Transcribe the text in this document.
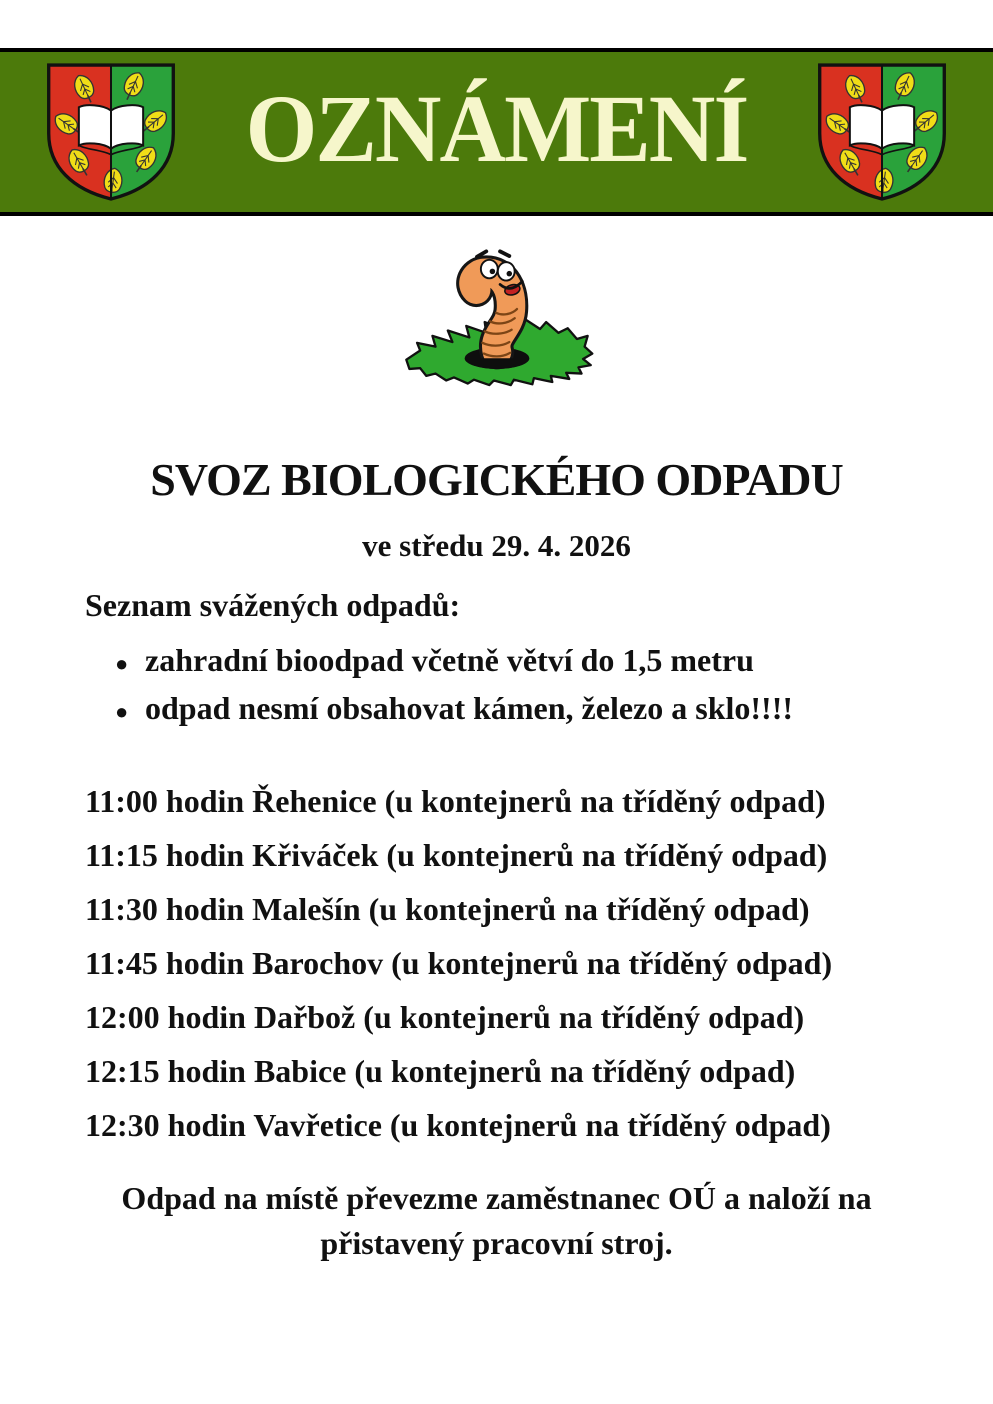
OZNÁMENÍ
SVOZ BIOLOGICKÉHO ODPADU
ve středu 29. 4. 2026
Seznam svážených odpadů:
● zahradní bioodpad včetně větví do 1,5 metru
● odpad nesmí obsahovat kámen, železo a sklo!!!!
11:00 hodin Řehenice (u kontejnerů na tříděný odpad)
11:15 hodin Křiváček (u kontejnerů na tříděný odpad)
11:30 hodin Malešín (u kontejnerů na tříděný odpad)
11:45 hodin Barochov (u kontejnerů na tříděný odpad)
12:00 hodin Dařbož (u kontejnerů na tříděný odpad)
12:15 hodin Babice (u kontejnerů na tříděný odpad)
12:30 hodin Vavřetice (u kontejnerů na tříděný odpad)
Odpad na místě převezme zaměstnanec OÚ a naloží na přistavený pracovní stroj.
